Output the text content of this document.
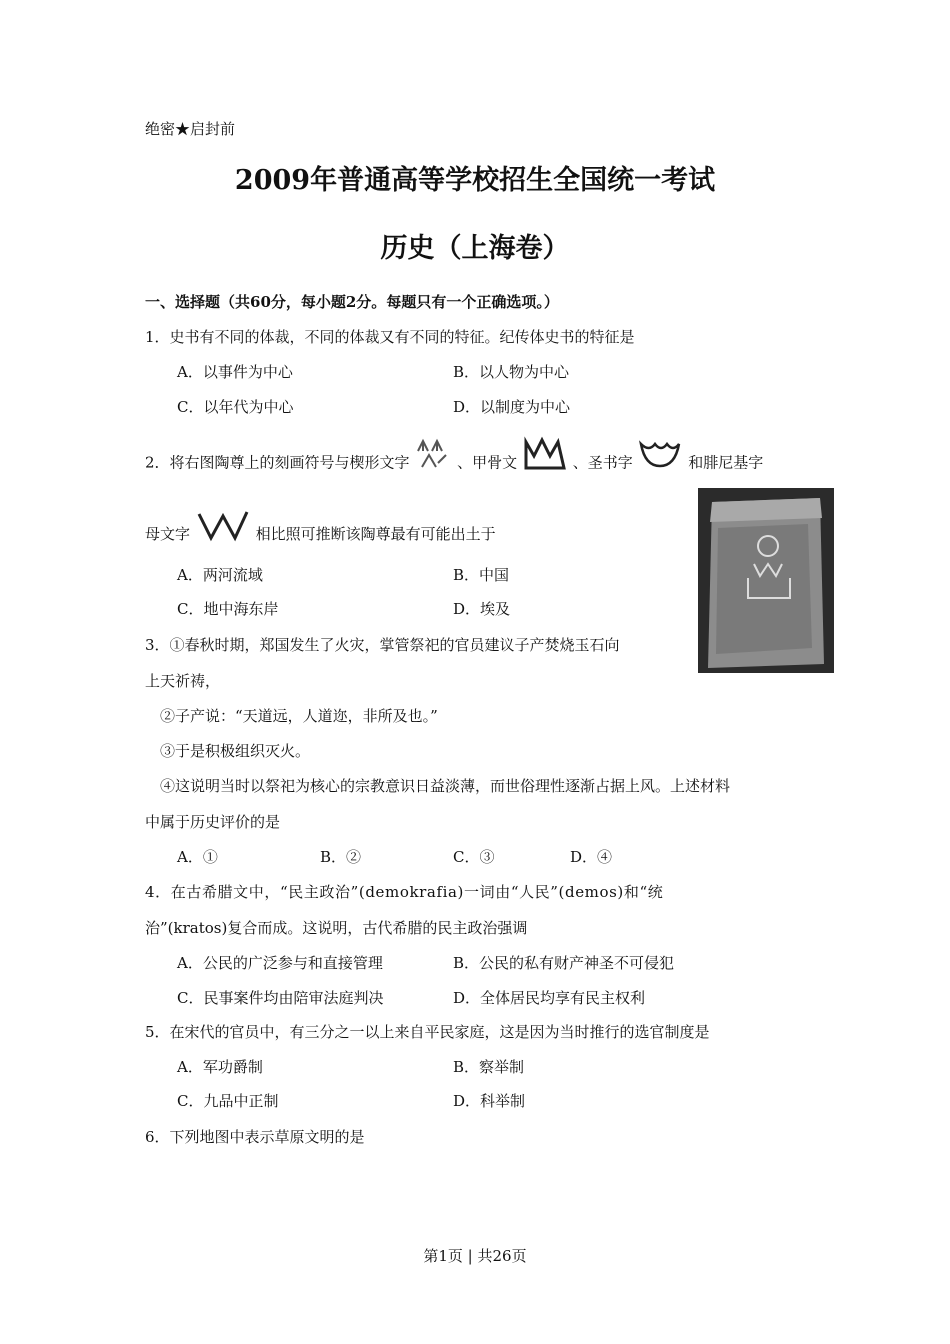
绝密★启封前
2009年普通高等学校招生全国统一考试
历史（上海卷）
一、选择题（共60分，每小题2分。每题只有一个正确选项。）
1．史书有不同的体裁，不同的体裁又有不同的特征。纪传体史书的特征是
A．以事件为中心	B．以人物为中心
C．以年代为中心	D．以制度为中心
2．将右图陶尊上的刻画符号与楔形文字	、甲骨文	、圣书字	和腓尼基字
母文字	相比照可推断该陶尊最有可能出土于
A．两河流域	B．中国
C．地中海东岸	D．埃及
3．①春秋时期，郑国发生了火灾，掌管祭祀的官员建议子产焚烧玉石向
上天祈祷，
②子产说：“天道远，人道迩，非所及也。”
③于是积极组织灭火。
④这说明当时以祭祀为核心的宗教意识日益淡薄，而世俗理性逐渐占据上风。上述材料
中属于历史评价的是
A．①	B．②	C．③	D．④
4．在古希腊文中，“民主政治”(demokrafia)一词由“人民”(demos)和“统
治”(kratos)复合而成。这说明，古代希腊的民主政治强调
A．公民的广泛参与和直接管理	B．公民的私有财产神圣不可侵犯
C．民事案件均由陪审法庭判决	D．全体居民均享有民主权利
5．在宋代的官员中，有三分之一以上来自平民家庭，这是因为当时推行的选官制度是
A．军功爵制	B．察举制
C．九品中正制	D．科举制
6．下列地图中表示草原文明的是
第1页 | 共26页
